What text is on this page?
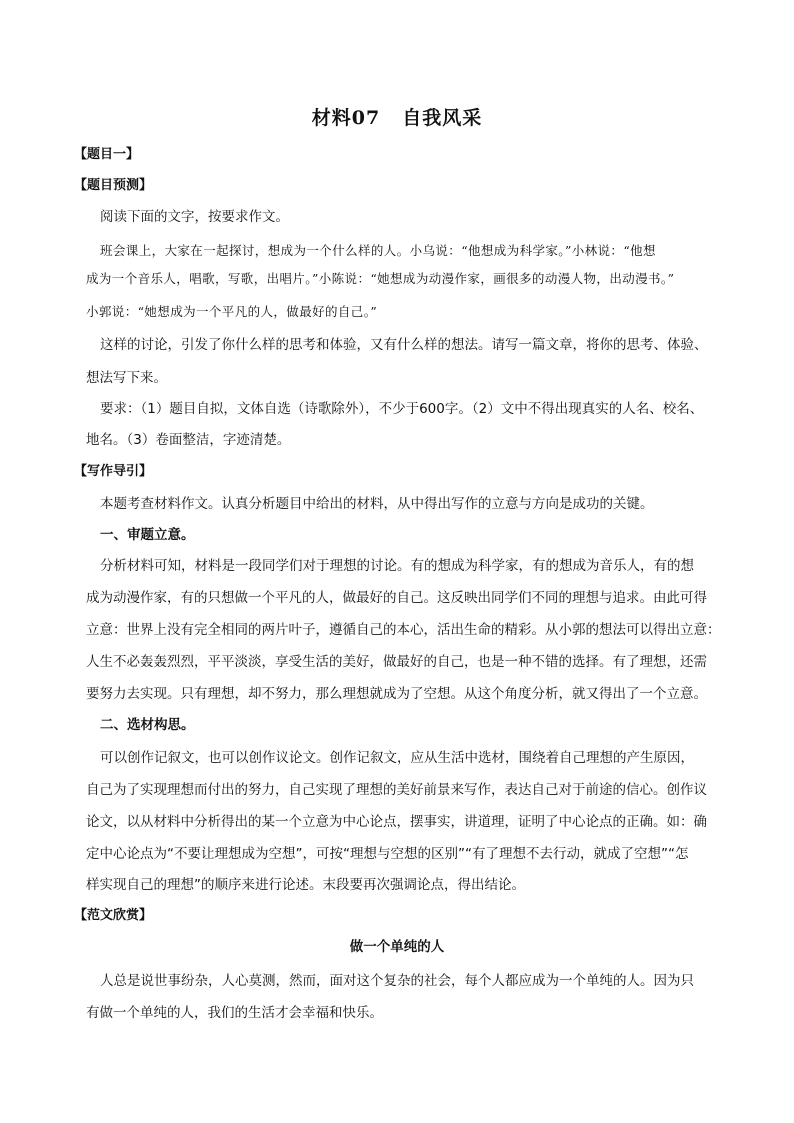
材料07 自我风采
【题目一】
【题目预测】
阅读下面的文字，按要求作文。
班会课上，大家在一起探讨，想成为一个什么样的人。小乌说：“他想成为科学家。”小林说：“他想
成为一个音乐人，唱歌，写歌，出唱片。”小陈说：“她想成为动漫作家，画很多的动漫人物，出动漫书。”
小郭说：“她想成为一个平凡的人，做最好的自己。”
这样的讨论，引发了你什么样的思考和体验，又有什么样的想法。请写一篇文章，将你的思考、体验、
想法写下来。
要求：（1）题目自拟，文体自选（诗歌除外），不少于600字。（2）文中不得出现真实的人名、校名、
地名。（3）卷面整洁，字迹清楚。
【写作导引】
本题考查材料作文。认真分析题目中给出的材料，从中得出写作的立意与方向是成功的关键。
一、审题立意。
分析材料可知，材料是一段同学们对于理想的讨论。有的想成为科学家，有的想成为音乐人，有的想
成为动漫作家，有的只想做一个平凡的人，做最好的自己。这反映出同学们不同的理想与追求。由此可得
立意：世界上没有完全相同的两片叶子，遵循自己的本心，活出生命的精彩。从小郭的想法可以得出立意：
人生不必轰轰烈烈，平平淡淡，享受生活的美好，做最好的自己，也是一种不错的选择。有了理想，还需
要努力去实现。只有理想，却不努力，那么理想就成为了空想。从这个角度分析，就又得出了一个立意。
二、选材构思。
可以创作记叙文，也可以创作议论文。创作记叙文，应从生活中选材，围绕着自己理想的产生原因，
自己为了实现理想而付出的努力，自己实现了理想的美好前景来写作，表达自己对于前途的信心。创作议
论文，以从材料中分析得出的某一个立意为中心论点，摆事实，讲道理，证明了中心论点的正确。如：确
定中心论点为“不要让理想成为空想”，可按“理想与空想的区别”“有了理想不去行动，就成了空想”“怎
样实现自己的理想”的顺序来进行论述。末段要再次强调论点，得出结论。
【范文欣赏】
做一个单纯的人
人总是说世事纷杂，人心莫测，然而，面对这个复杂的社会，每个人都应成为一个单纯的人。因为只
有做一个单纯的人，我们的生活才会幸福和快乐。
